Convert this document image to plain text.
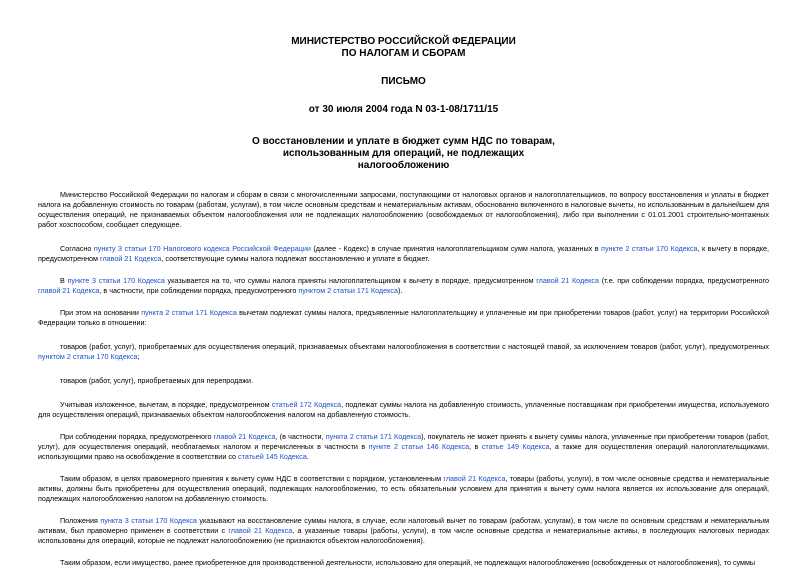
МИНИСТЕРСТВО РОССИЙСКОЙ ФЕДЕРАЦИИ
ПО НАЛОГАМ И СБОРАМ
ПИСЬМО
от 30 июля 2004 года N 03-1-08/1711/15
О восстановлении и уплате в бюджет сумм НДС по товарам,
использованным для операций, не подлежащих
налогообложению

Министерство Российской Федерации по налогам и сборам в связи с многочисленными запросами, поступающими от налоговых органов и налогоплательщиков, по вопросу восстановления и уплаты в бюджет налога на добавленную стоимость по товарам (работам, услугам), в том числе основным средствам и нематериальным активам, обоснованно включенного в налоговые вычеты, но использованным в дальнейшем для осуществления операций, не признаваемых объектом налогообложения или не подлежащих налогообложению (освобождаемых от налогообложения), либо при выполнении с 01.01.2001 строительно-монтажных работ хозспособом, сообщает следующее.

Согласно пункту 3 статьи 170 Налогового кодекса Российской Федерации (далее - Кодекс) в случае принятия налогоплательщиком сумм налога, указанных в пункте 2 статьи 170 Кодекса, к вычету в порядке, предусмотренном главой 21 Кодекса, соответствующие суммы налога подлежат восстановлению и уплате в бюджет.

В пункте 3 статьи 170 Кодекса указывается на то, что суммы налога приняты налогоплательщиком к вычету в порядке, предусмотренном главой 21 Кодекса (т.е. при соблюдении порядка, предусмотренного главой 21 Кодекса, в частности, при соблюдении порядка, предусмотренного пунктом 2 статьи 171 Кодекса).

При этом на основании пункта 2 статьи 171 Кодекса вычетам подлежат суммы налога, предъявленные налогоплательщику и уплаченные им при приобретении товаров (работ, услуг) на территории Российской Федерации только в отношении:

товаров (работ, услуг), приобретаемых для осуществления операций, признаваемых объектами налогообложения в соответствии с настоящей главой, за исключением товаров (работ, услуг), предусмотренных пунктом 2 статьи 170 Кодекса;

товаров (работ, услуг), приобретаемых для перепродажи.

Учитывая изложенное, вычетам, в порядке, предусмотренном статьей 172 Кодекса, подлежат суммы налога на добавленную стоимость, уплаченные поставщикам при приобретении имущества, используемого для осуществления операций, признаваемых объектом налогообложения налогом на добавленную стоимость.

При соблюдении порядка, предусмотренного главой 21 Кодекса, (в частности, пункта 2 статьи 171 Кодекса), покупатель не может принять к вычету суммы налога, уплаченные при приобретении товаров (работ, услуг), для осуществления операций, необлагаемых налогом и перечисленных в частности в пункте 2 статьи 146 Кодекса, в статье 149 Кодекса, а также для осуществления операций налогоплательщиками, использующими право на освобождение в соответствии со статьей 145 Кодекса.

Таким образом, в целях правомерного принятия к вычету сумм НДС в соответствии с порядком, установленным главой 21 Кодекса, товары (работы, услуги), в том числе основные средства и нематериальные активы, должны быть приобретены для осуществления операций, подлежащих налогообложению, то есть обязательным условием для принятия к вычету сумм налога является их использование для операций, подлежащих налогообложению налогом на добавленную стоимость.

Положения пункта 3 статьи 170 Кодекса указывают на восстановление суммы налога, в случае, если налоговый вычет по товарам (работам, услугам), в том числе по основным средствам и нематериальным активам, был правомерно применен в соответствии с главой 21 Кодекса, а указанные товары (работы, услуги), в том числе основные средства и нематериальные активы, в последующих налоговых периодах использованы для операций, которые не подлежат налогообложению (не признаются объектом налогообложения).

Таким образом, если имущество, ранее приобретенное для производственной деятельности, использовано для операций, не подлежащих налогообложению (освобожденных от налогообложения), то суммы
